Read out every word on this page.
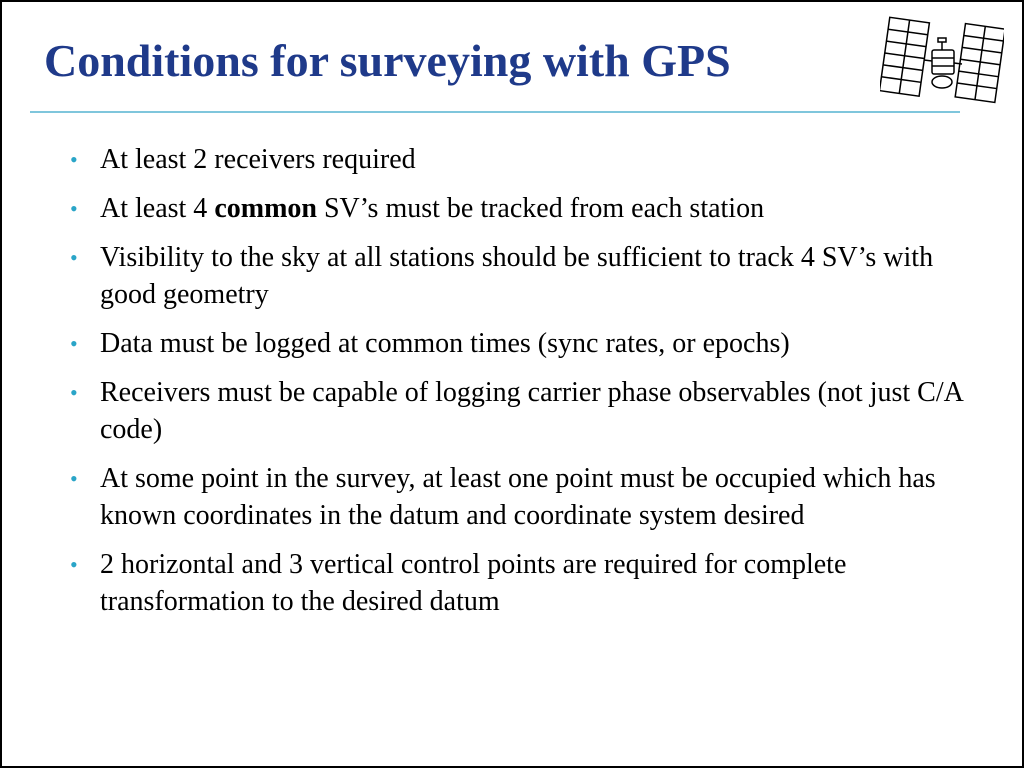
Conditions for surveying with GPS
• At least 2 receivers required
• At least 4 common SV’s must be tracked from each station
• Visibility to the sky at all stations should be sufficient to track 4 SV’s with good geometry
• Data must be logged at common times (sync rates, or epochs)
• Receivers must be capable of logging carrier phase observables (not just C/A code)
• At some point in the survey, at least one point must be occupied which has known coordinates in the datum and coordinate system desired
• 2 horizontal and 3 vertical control points are required for complete transformation to the desired datum
